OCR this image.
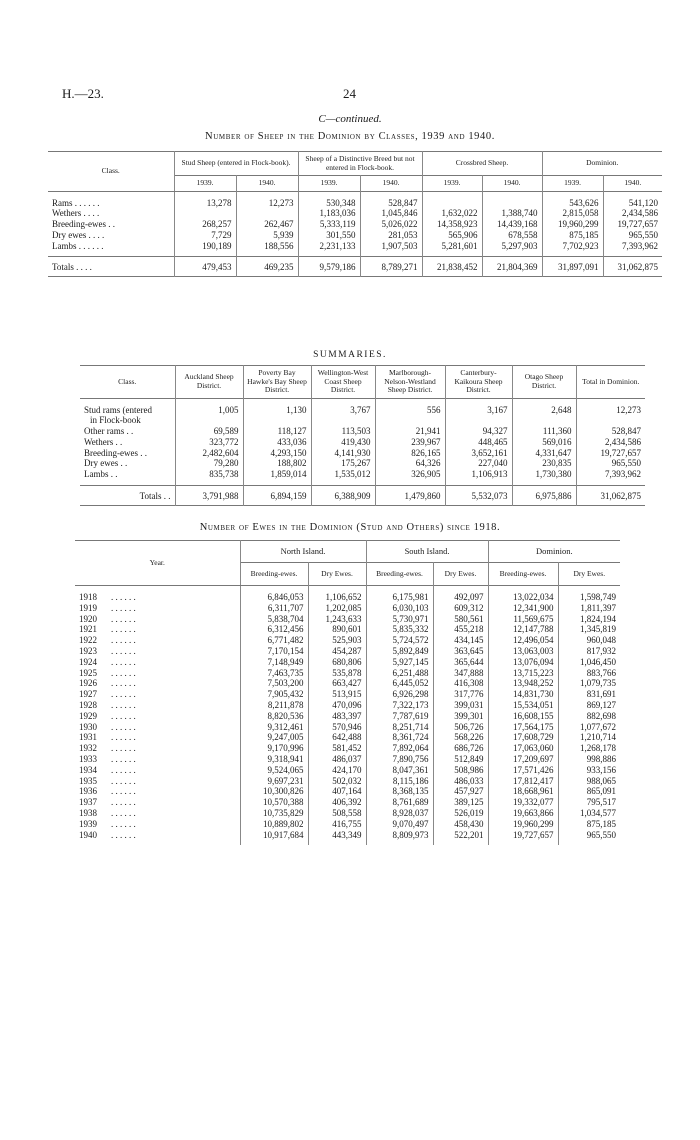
H.—23.	24
C—continued.
Number of Sheep in the Dominion by Classes, 1939 and 1940.
Class.	Stud Sheep (entered in Flock-book).		Sheep of a Distinctive Breed but not entered in Flock-book.		Crossbred Sheep.		Dominion.	
	1939.	1940.	1939.	1940.	1939.	1940.	1939.	1940.
Rams . . . . . .	13,278	12,273	530,348	528,847			543,626	541,120
Wethers . . . .			1,183,036	1,045,846	1,632,022	1,388,740	2,815,058	2,434,586
Breeding-ewes . .	268,257	262,467	5,333,119	5,026,022	14,358,923	14,439,168	19,960,299	19,727,657
Dry ewes . . . .	7,729	5,939	301,550	281,053	565,906	678,558	875,185	965,550
Lambs . . . . . .	190,189	188,556	2,231,133	1,907,503	5,281,601	5,297,903	7,702,923	7,393,962
Totals . . . .	479,453	469,235	9,579,186	8,789,271	21,838,452	21,804,369	31,897,091	31,062,875
SUMMARIES.
Class.	Auckland Sheep District.	Poverty Bay Hawke's Bay Sheep District.	Wellington-West Coast Sheep District.	Marlborough-Nelson-Westland Sheep District.	Canterbury-Kaikoura Sheep District.	Otago Sheep District.	Total in Dominion.
Stud rams (entered	1,005	1,130	3,767	556	3,167	2,648	12,273
in Flock-book							
Other rams . .	69,589	118,127	113,503	21,941	94,327	111,360	528,847
Wethers . .	323,772	433,036	419,430	239,967	448,465	569,016	2,434,586
Breeding-ewes . .	2,482,604	4,293,150	4,141,930	826,165	3,652,161	4,331,647	19,727,657
Dry ewes . .	79,280	188,802	175,267	64,326	227,040	230,835	965,550
Lambs . .	835,738	1,859,014	1,535,012	326,905	1,106,913	1,730,380	7,393,962
Totals . .	3,791,988	6,894,159	6,388,909	1,479,860	5,532,073	6,975,886	31,062,875
Number of Ewes in the Dominion (Stud and Others) since 1918.
Year.	North Island.		South Island.		Dominion.	
	Breeding-ewes.	Dry Ewes.	Breeding-ewes.	Dry Ewes.	Breeding-ewes.	Dry Ewes.
1918 . . . . . .	6,846,053	1,106,652	6,175,981	492,097	13,022,034	1,598,749
1919 . . . . . .	6,311,707	1,202,085	6,030,103	609,312	12,341,900	1,811,397
1920 . . . . . .	5,838,704	1,243,633	5,730,971	580,561	11,569,675	1,824,194
1921 . . . . . .	6,312,456	890,601	5,835,332	455,218	12,147,788	1,345,819
1922 . . . . . .	6,771,482	525,903	5,724,572	434,145	12,496,054	960,048
1923 . . . . . .	7,170,154	454,287	5,892,849	363,645	13,063,003	817,932
1924 . . . . . .	7,148,949	680,806	5,927,145	365,644	13,076,094	1,046,450
1925 . . . . . .	7,463,735	535,878	6,251,488	347,888	13,715,223	883,766
1926 . . . . . .	7,503,200	663,427	6,445,052	416,308	13,948,252	1,079,735
1927 . . . . . .	7,905,432	513,915	6,926,298	317,776	14,831,730	831,691
1928 . . . . . .	8,211,878	470,096	7,322,173	399,031	15,534,051	869,127
1929 . . . . . .	8,820,536	483,397	7,787,619	399,301	16,608,155	882,698
1930 . . . . . .	9,312,461	570,946	8,251,714	506,726	17,564,175	1,077,672
1931 . . . . . .	9,247,005	642,488	8,361,724	568,226	17,608,729	1,210,714
1932 . . . . . .	9,170,996	581,452	7,892,064	686,726	17,063,060	1,268,178
1933 . . . . . .	9,318,941	486,037	7,890,756	512,849	17,209,697	998,886
1934 . . . . . .	9,524,065	424,170	8,047,361	508,986	17,571,426	933,156
1935 . . . . . .	9,697,231	502,032	8,115,186	486,033	17,812,417	988,065
1936 . . . . . .	10,300,826	407,164	8,368,135	457,927	18,668,961	865,091
1937 . . . . . .	10,570,388	406,392	8,761,689	389,125	19,332,077	795,517
1938 . . . . . .	10,735,829	508,558	8,928,037	526,019	19,663,866	1,034,577
1939 . . . . . .	10,889,802	416,755	9,070,497	458,430	19,960,299	875,185
1940 . . . . . .	10,917,684	443,349	8,809,973	522,201	19,727,657	965,550
